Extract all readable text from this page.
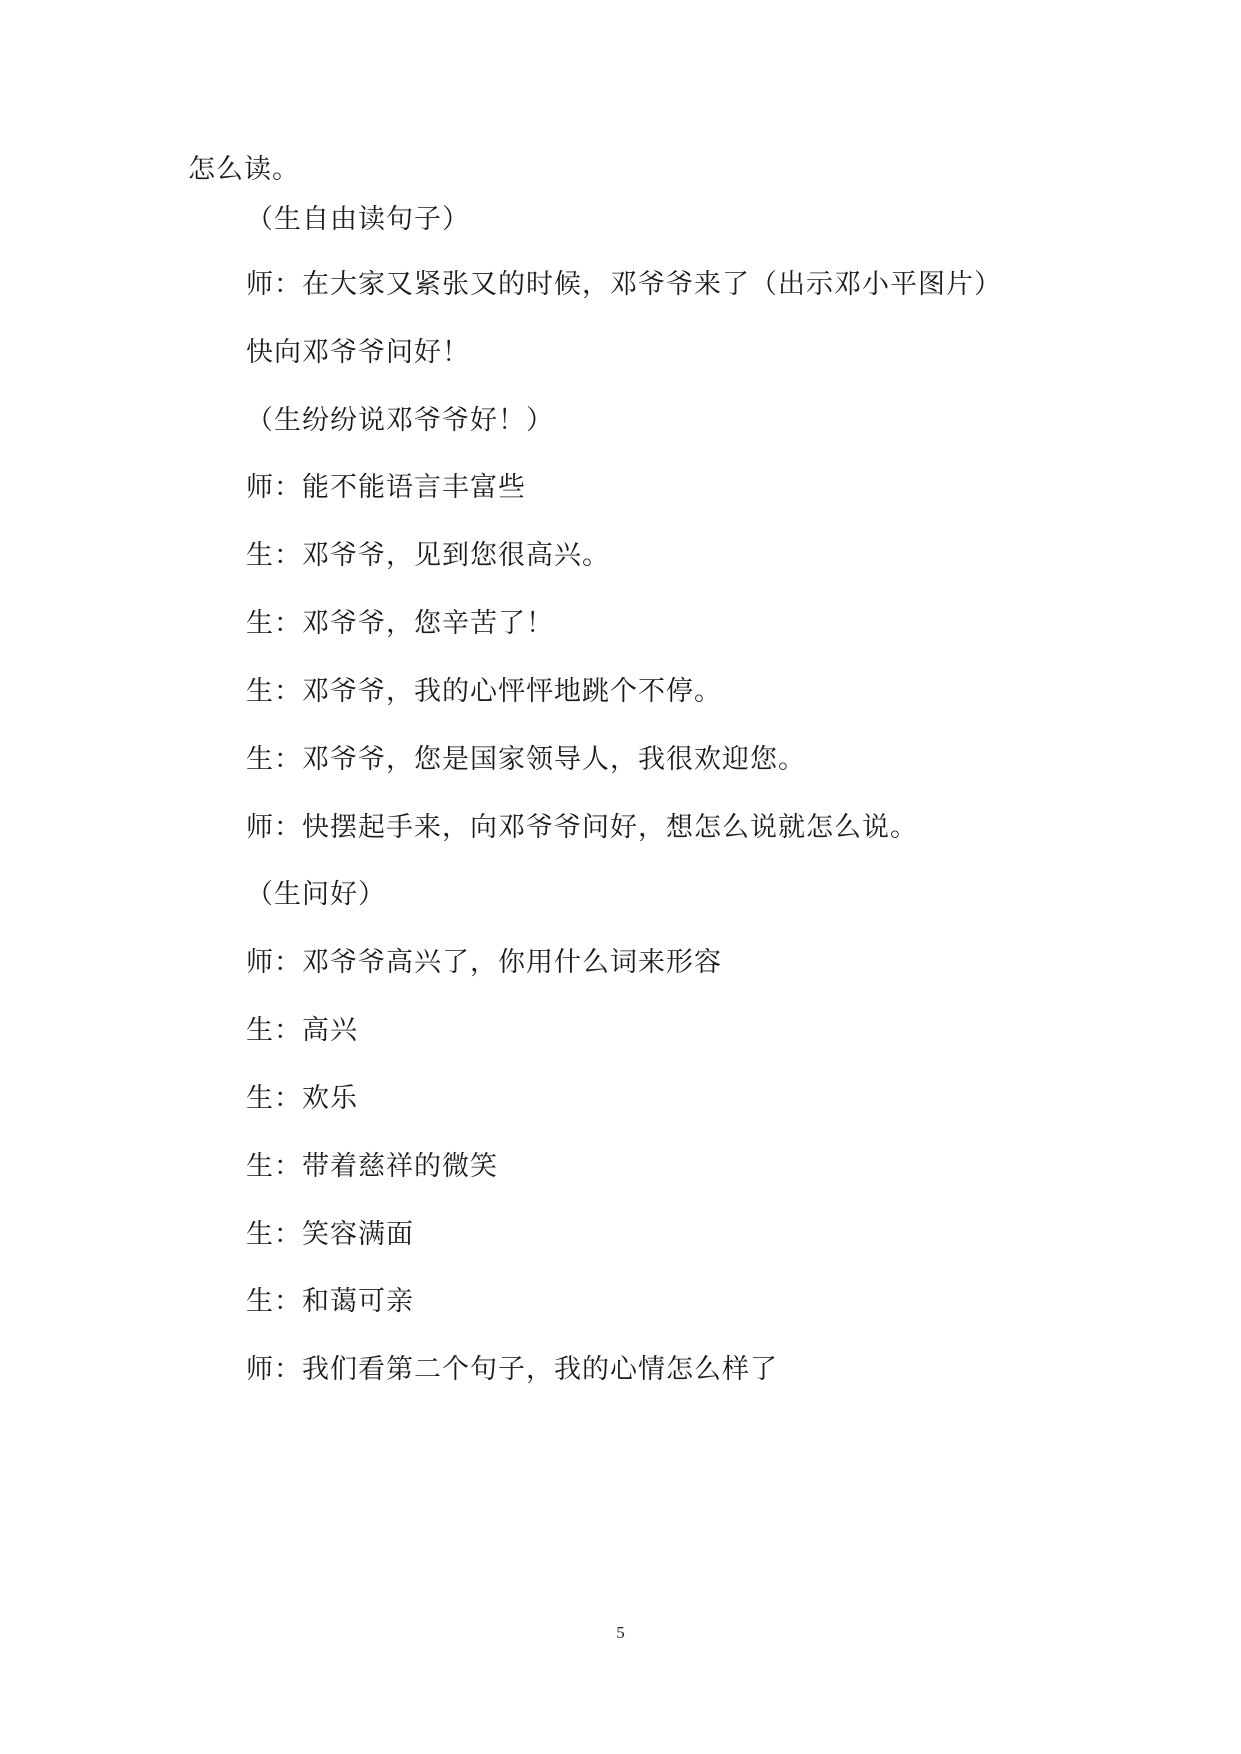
怎么读。
（生自由读句子）
师：在大家又紧张又的时候，邓爷爷来了（出示邓小平图片）
快向邓爷爷问好！
（生纷纷说邓爷爷好！）
师：能不能语言丰富些
生：邓爷爷，见到您很高兴。
生：邓爷爷，您辛苦了！
生：邓爷爷，我的心怦怦地跳个不停。
生：邓爷爷，您是国家领导人，我很欢迎您。
师：快摆起手来，向邓爷爷问好，想怎么说就怎么说。
（生问好）
师：邓爷爷高兴了，你用什么词来形容
生：高兴
生：欢乐
生：带着慈祥的微笑
生：笑容满面
生：和蔼可亲
师：我们看第二个句子，我的心情怎么样了
5
